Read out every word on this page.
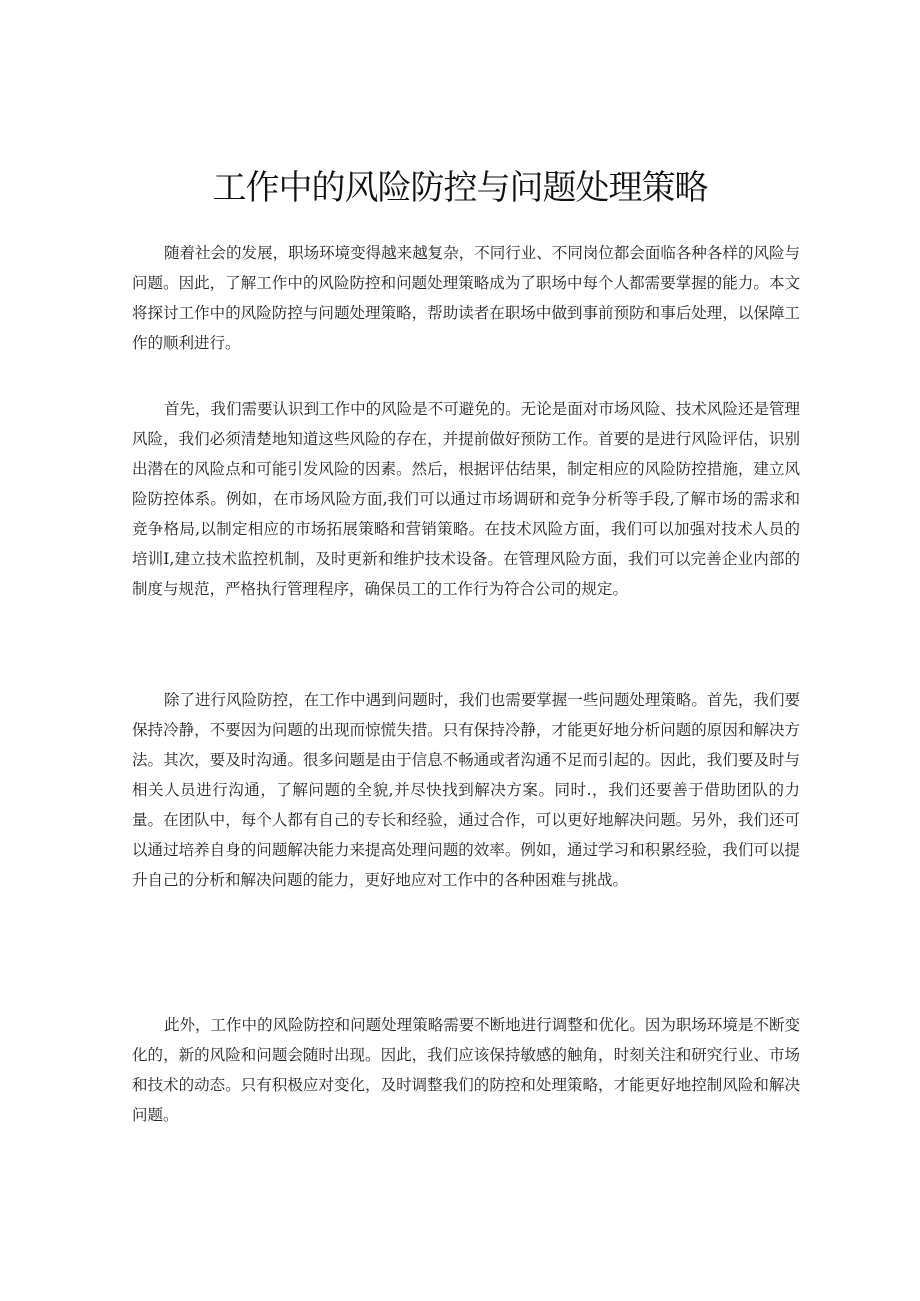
工作中的风险防控与问题处理策略

随着社会的发展，职场环境变得越来越复杂，不同行业、不同岗位都会面临各种各样的风险与问题。因此，了解工作中的风险防控和问题处理策略成为了职场中每个人都需要掌握的能力。本文将探讨工作中的风险防控与问题处理策略，帮助读者在职场中做到事前预防和事后处理，以保障工作的顺利进行。

首先，我们需要认识到工作中的风险是不可避免的。无论是面对市场风险、技术风险还是管理风险，我们必须清楚地知道这些风险的存在，并提前做好预防工作。首要的是进行风险评估，识别出潜在的风险点和可能引发风险的因素。然后，根据评估结果，制定相应的风险防控措施，建立风险防控体系。例如，在市场风险方面,我们可以通过市场调研和竞争分析等手段,了解市场的需求和竞争格局,以制定相应的市场拓展策略和营销策略。在技术风险方面，我们可以加强对技术人员的培训Ⅰ,建立技术监控机制，及时更新和维护技术设备。在管理风险方面，我们可以完善企业内部的制度与规范，严格执行管理程序，确保员工的工作行为符合公司的规定。

除了进行风险防控，在工作中遇到问题时，我们也需要掌握一些问题处理策略。首先，我们要保持冷静，不要因为问题的出现而惊慌失措。只有保持冷静，才能更好地分析问题的原因和解决方法。其次，要及时沟通。很多问题是由于信息不畅通或者沟通不足而引起的。因此，我们要及时与相关人员进行沟通，了解问题的全貌,并尽快找到解决方案。同时.，我们还要善于借助团队的力量。在团队中，每个人都有自己的专长和经验，通过合作，可以更好地解决问题。另外，我们还可以通过培养自身的问题解决能力来提高处理问题的效率。例如，通过学习和积累经验，我们可以提升自己的分析和解决问题的能力，更好地应对工作中的各种困难与挑战。

此外，工作中的风险防控和问题处理策略需要不断地进行调整和优化。因为职场环境是不断变化的，新的风险和问题会随时出现。因此，我们应该保持敏感的触角，时刻关注和研究行业、市场和技术的动态。只有积极应对变化，及时调整我们的防控和处理策略，才能更好地控制风险和解决问题。
